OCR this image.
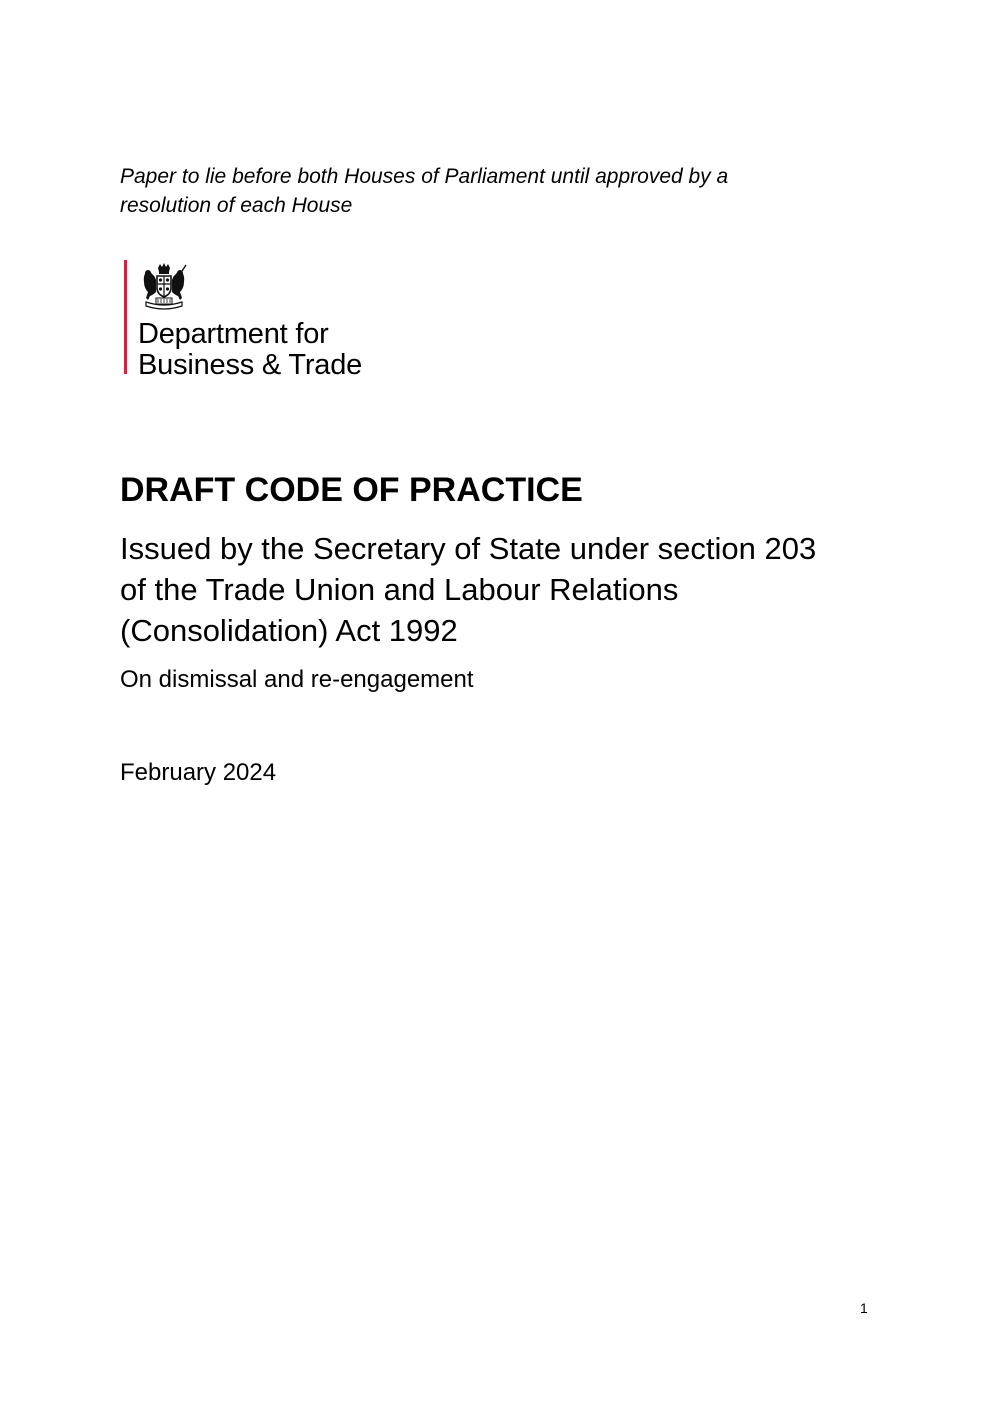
Paper to lie before both Houses of Parliament until approved by a
resolution of each House
Department for
Business & Trade
DRAFT CODE OF PRACTICE
Issued by the Secretary of State under section 203
of the Trade Union and Labour Relations
(Consolidation) Act 1992
On dismissal and re-engagement
February 2024
1
